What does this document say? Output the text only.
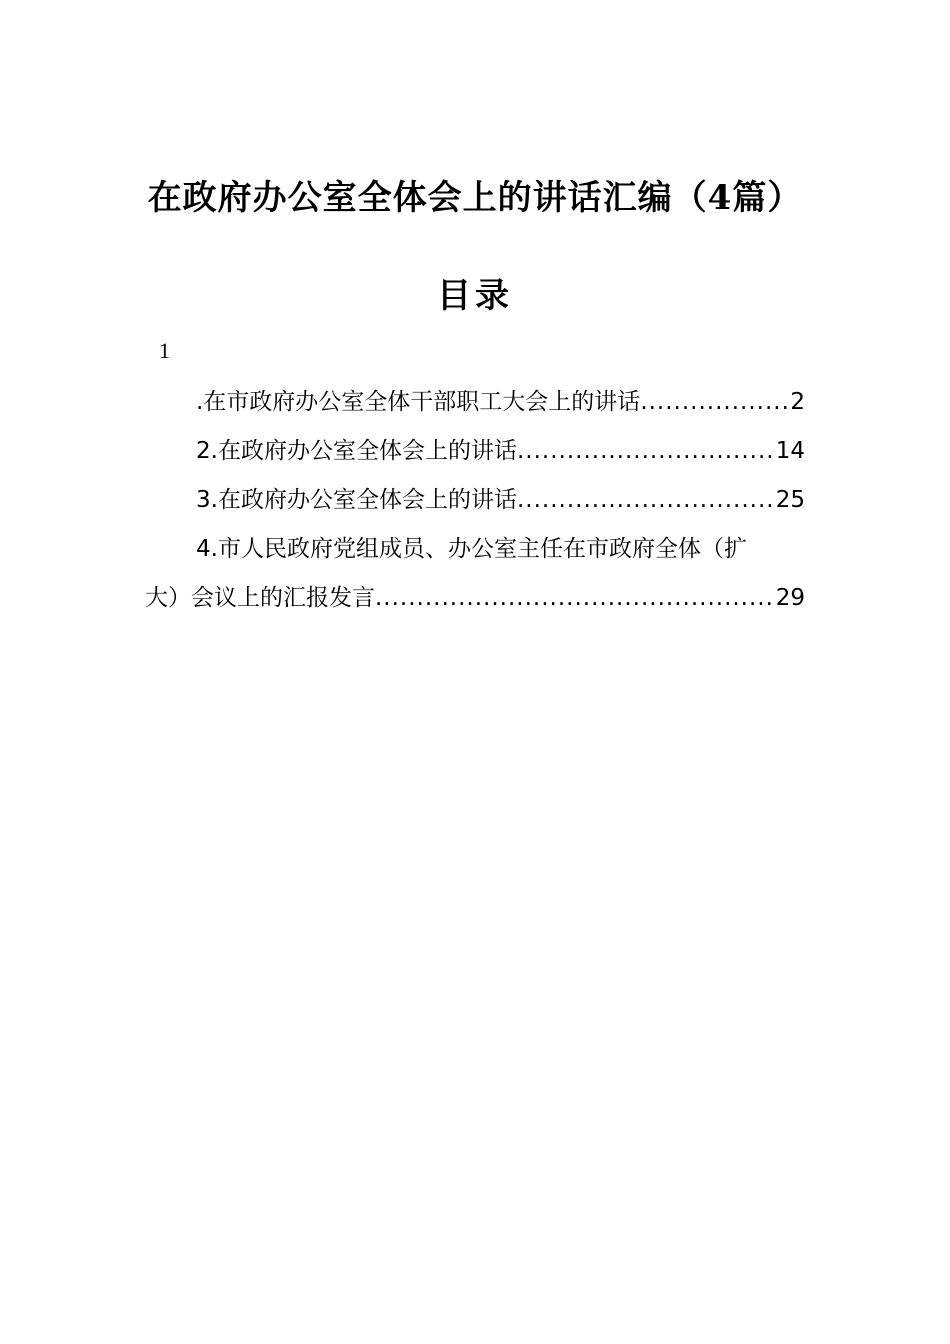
在政府办公室全体会上的讲话汇编（4篇）
目录
1
.在市政府办公室全体干部职工大会上的讲话 .....	2
2.在政府办公室全体会上的讲话 .....	14
3.在政府办公室全体会上的讲话 .....	25
4.市人民政府党组成员、办公室主任在市政府全体（扩
大）会议上的汇报发言 .....	29
